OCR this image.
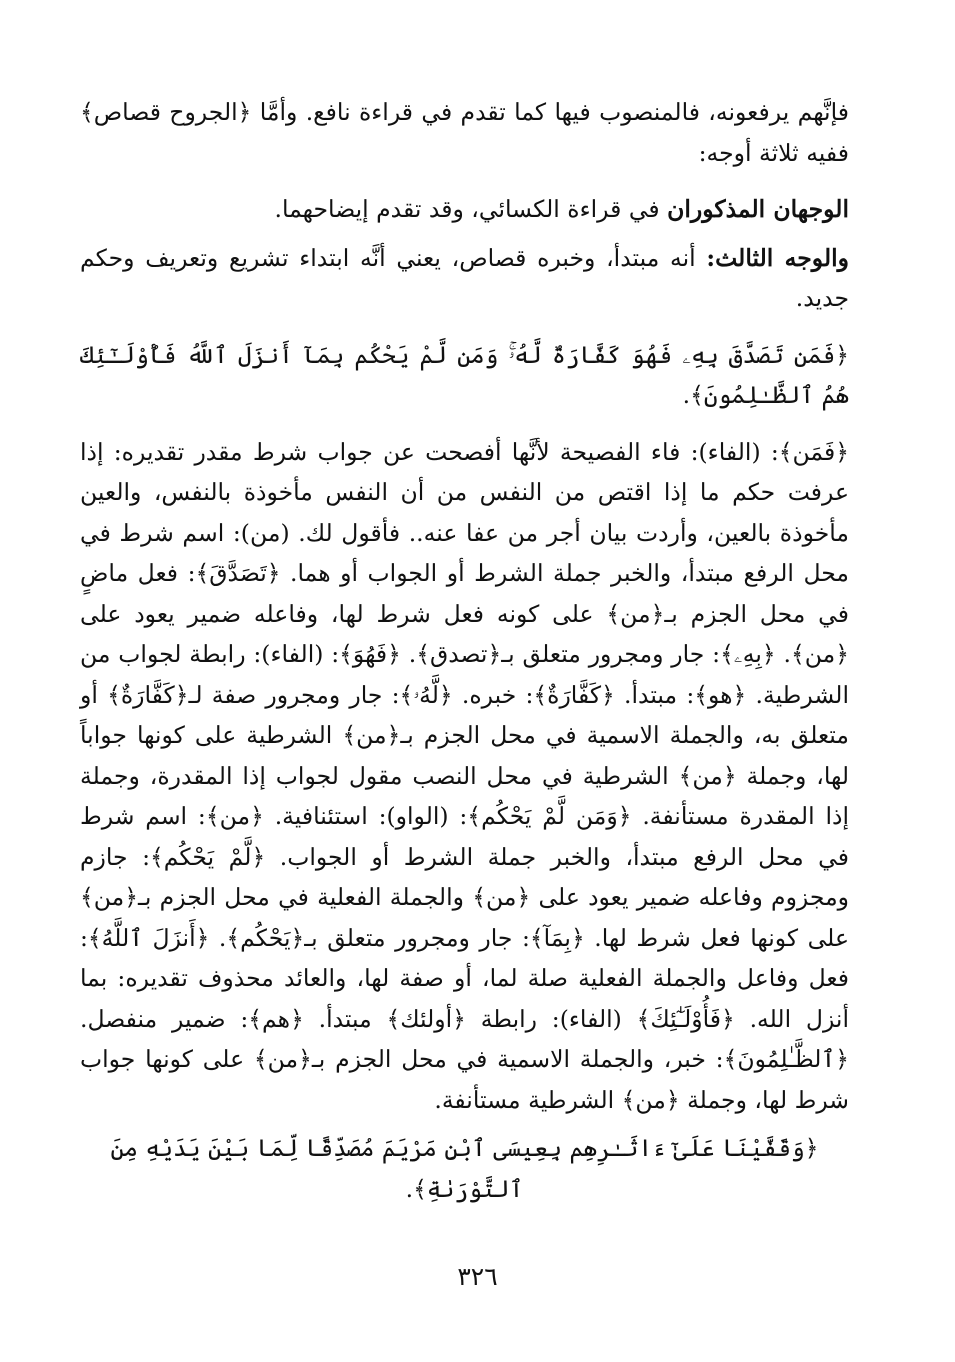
فإنَّهم يرفعونه، فالمنصوب فيها كما تقدم في قراءة نافع. وأمَّا ﴿الجروح قصاص﴾ ففيه ثلاثة أوجه:

الوجهان المذكوران في قراءة الكسائي، وقد تقدم إيضاحهما.

والوجه الثالث: أنه مبتدأ، وخبره قصاص، يعني أنَّه ابتداء تشريع وتعريف وحكم جديد.

﴿فَمَن تَصَدَّقَ بِهِۦ فَهُوَ كَفَّارَةٌ لَّهُۥۚ وَمَن لَّمْ يَحْكُم بِمَآ أَنزَلَ ٱللَّهُ فَأُوْلَـٰٓئِكَ هُمُ ٱلظَّـٰلِمُونَ﴾.

﴿فَمَن﴾: (الفاء): فاء الفصيحة لأنَّها أفصحت عن جواب شرط مقدر تقديره: إذا عرفت حكم ما إذا اقتص من النفس من أن النفس مأخوذة بالنفس، والعين مأخوذة بالعين، وأردت بيان أجر من عفا عنه.. فأقول لك. (من): اسم شرط في محل الرفع مبتدأ، والخبر جملة الشرط أو الجواب أو هما. ﴿تَصَدَّقَ﴾: فعل ماضٍ في محل الجزم بـ﴿من﴾ على كونه فعل شرط لها، وفاعله ضمير يعود على ﴿من﴾. ﴿بِهِۦ﴾: جار ومجرور متعلق بـ﴿تصدق﴾. ﴿فَهُوَ﴾: (الفاء): رابطة لجواب من الشرطية. ﴿هو﴾: مبتدأ. ﴿كَفَّارَةٌ﴾: خبره. ﴿لَّهُۥ﴾: جار ومجرور صفة لـ﴿كَفَّارَةٌ﴾ أو متعلق به، والجملة الاسمية في محل الجزم بـ﴿من﴾ الشرطية على كونها جواباً لها، وجملة ﴿من﴾ الشرطية في محل النصب مقول لجواب إذا المقدرة، وجملة إذا المقدرة مستأنفة. ﴿وَمَن لَّمْ يَحْكُم﴾: (الواو): استئنافية. ﴿من﴾: اسم شرط في محل الرفع مبتدأ، والخبر جملة الشرط أو الجواب. ﴿لَّمْ يَحْكُم﴾: جازم ومجزوم وفاعله ضمير يعود على ﴿من﴾ والجملة الفعلية في محل الجزم بـ﴿من﴾ على كونها فعل شرط لها. ﴿بِمَآ﴾: جار ومجرور متعلق بـ﴿يَحْكُم﴾. ﴿أَنزَلَ ٱللَّهُ﴾: فعل وفاعل والجملة الفعلية صلة لما، أو صفة لها، والعائد محذوف تقديره: بما أنزل الله. ﴿فَأُوْلَـٰٓئِكَ﴾ (الفاء): رابطة ﴿أولئك﴾ مبتدأ. ﴿هم﴾: ضمير منفصل. ﴿ٱلظَّـٰلِمُونَ﴾: خبر، والجملة الاسمية في محل الجزم بـ﴿من﴾ على كونها جواب شرط لها، وجملة ﴿من﴾ الشرطية مستأنفة.

﴿وَقَفَّيْنَا عَلَىٰٓ ءَاثَـٰرِهِم بِعِيسَى ٱبْنِ مَرْيَمَ مُصَدِّقًا لِّمَا بَيْنَ يَدَيْهِ مِنَ ٱلتَّوْرَىٰةِ﴾.

٣٢٦
